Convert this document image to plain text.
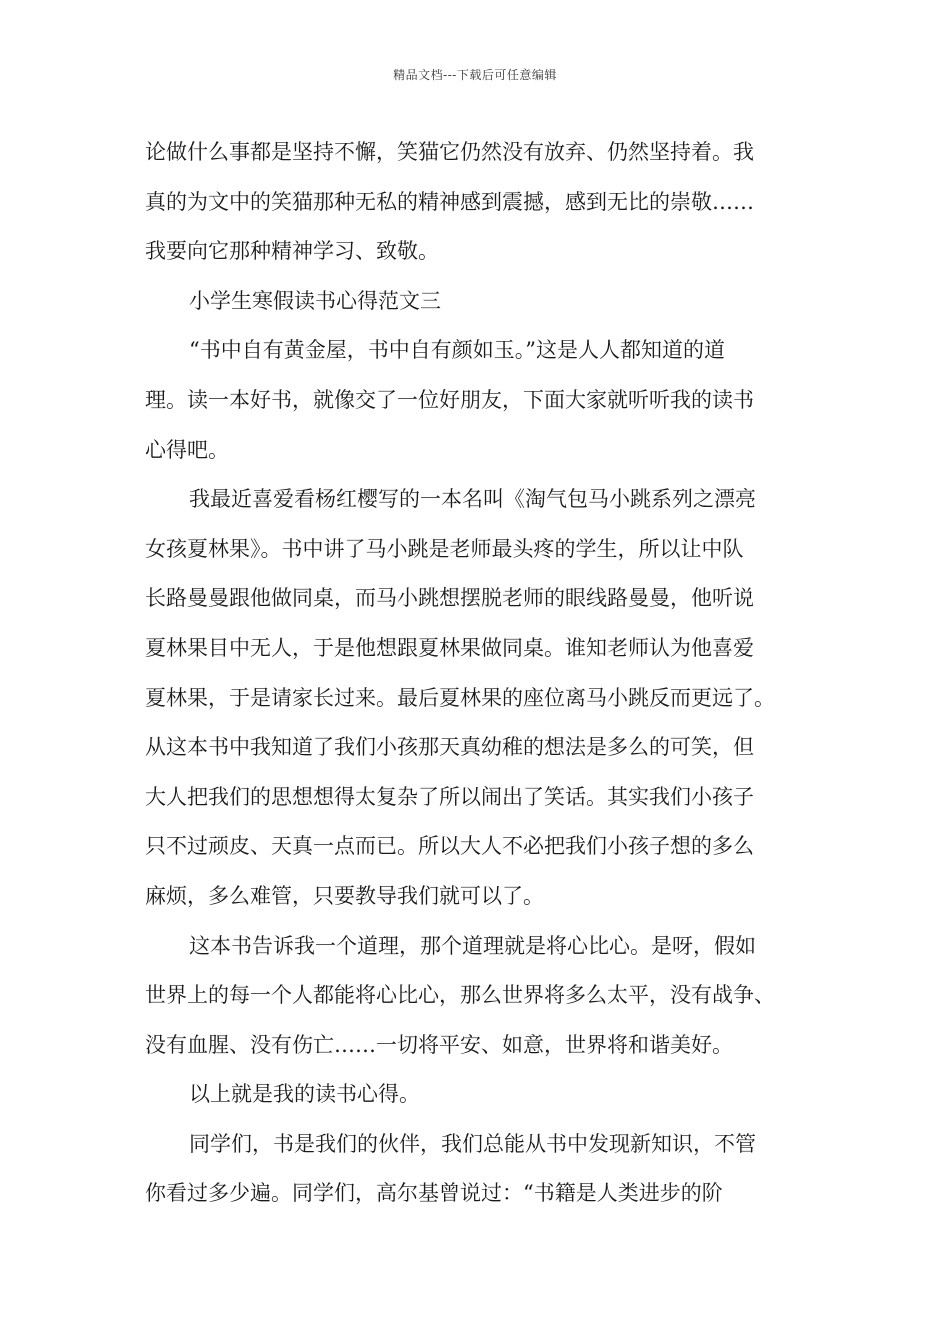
精品文档---下载后可任意编辑
论做什么事都是坚持不懈，笑猫它仍然没有放弃、仍然坚持着。我
真的为文中的笑猫那种无私的精神感到震撼，感到无比的崇敬……
我要向它那种精神学习、致敬。
小学生寒假读书心得范文三
“书中自有黄金屋，书中自有颜如玉。”这是人人都知道的道
理。读一本好书，就像交了一位好朋友，下面大家就听听我的读书
心得吧。
我最近喜爱看杨红樱写的一本名叫《淘气包马小跳系列之漂亮
女孩夏林果》。书中讲了马小跳是老师最头疼的学生，所以让中队
长路曼曼跟他做同桌，而马小跳想摆脱老师的眼线路曼曼，他听说
夏林果目中无人，于是他想跟夏林果做同桌。谁知老师认为他喜爱
夏林果，于是请家长过来。最后夏林果的座位离马小跳反而更远了。
从这本书中我知道了我们小孩那天真幼稚的想法是多么的可笑，但
大人把我们的思想想得太复杂了所以闹出了笑话。其实我们小孩子
只不过顽皮、天真一点而已。所以大人不必把我们小孩子想的多么
麻烦，多么难管，只要教导我们就可以了。
这本书告诉我一个道理，那个道理就是将心比心。是呀，假如
世界上的每一个人都能将心比心，那么世界将多么太平，没有战争、
没有血腥、没有伤亡……一切将平安、如意，世界将和谐美好。
以上就是我的读书心得。
同学们，书是我们的伙伴，我们总能从书中发现新知识，不管
你看过多少遍。同学们，高尔基曾说过：“书籍是人类进步的阶
